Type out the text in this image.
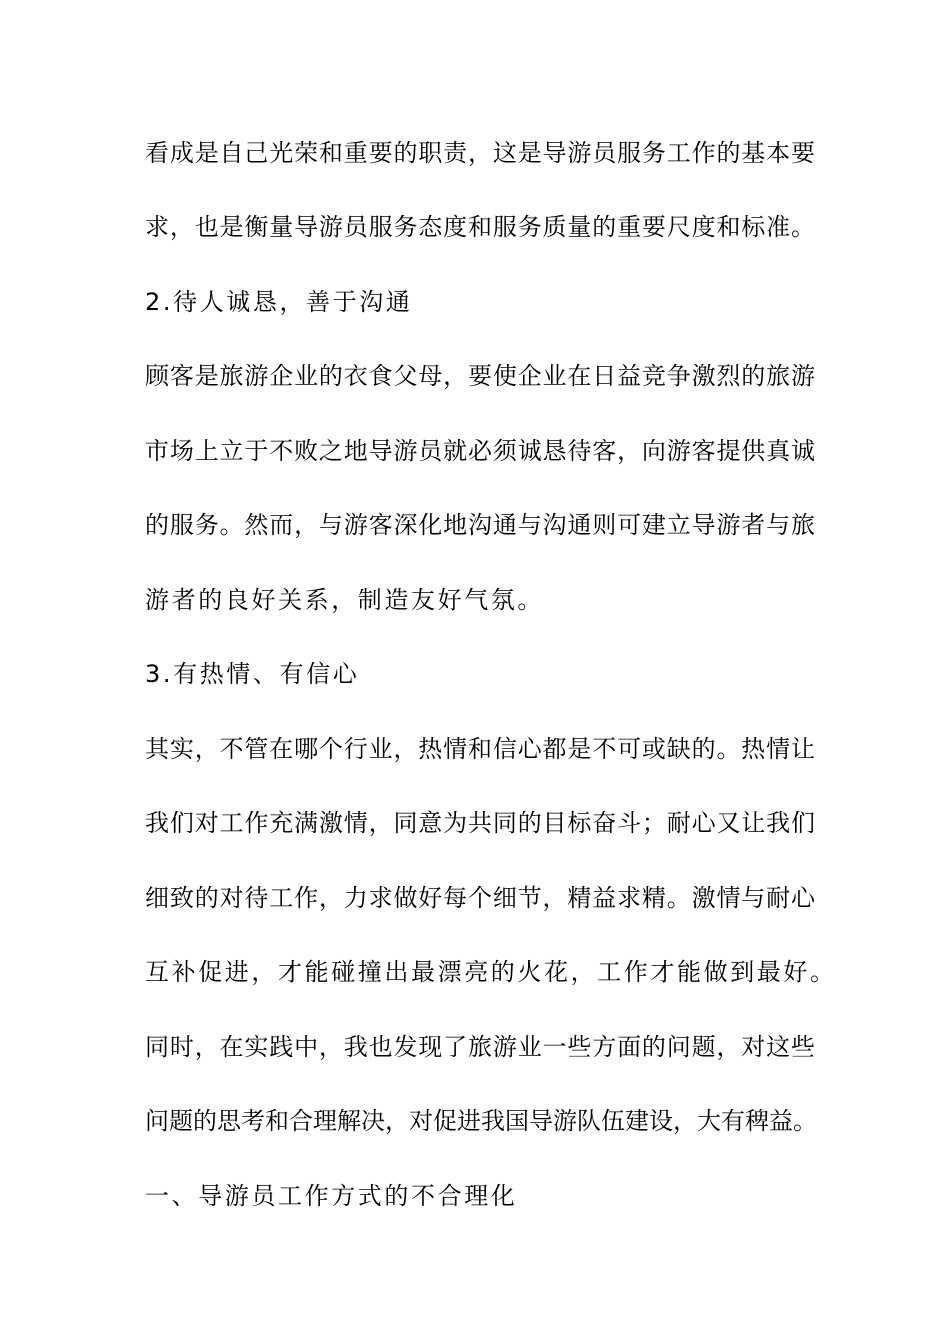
看成是自己光荣和重要的职责，这是导游员服务工作的基本要
求，也是衡量导游员服务态度和服务质量的重要尺度和标准。
2.待人诚恳，善于沟通
顾客是旅游企业的衣食父母，要使企业在日益竞争激烈的旅游
市场上立于不败之地导游员就必须诚恳待客，向游客提供真诚
的服务。然而，与游客深化地沟通与沟通则可建立导游者与旅
游者的良好关系，制造友好气氛。
3.有热情、有信心
其实，不管在哪个行业，热情和信心都是不可或缺的。热情让
我们对工作充满激情，同意为共同的目标奋斗；耐心又让我们
细致的对待工作，力求做好每个细节，精益求精。激情与耐心
互补促进，才能碰撞出最漂亮的火花，工作才能做到最好。
同时，在实践中，我也发现了旅游业一些方面的问题，对这些
问题的思考和合理解决，对促进我国导游队伍建设，大有稗益。
一、导游员工作方式的不合理化
